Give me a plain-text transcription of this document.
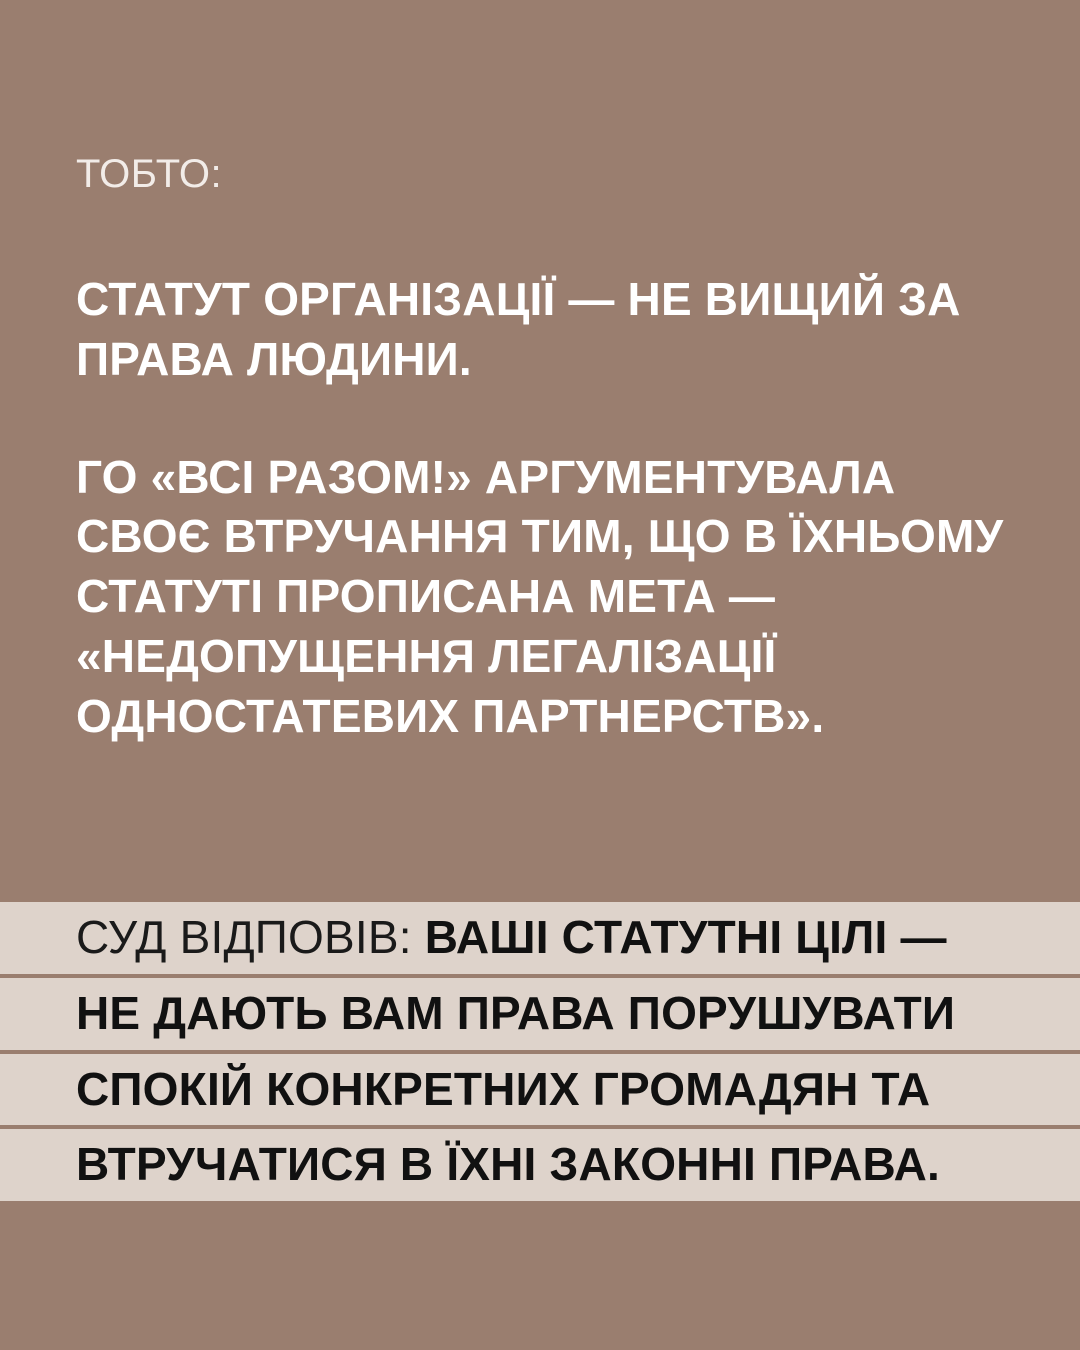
ТОБТО:

СТАТУТ ОРГАНІЗАЦІЇ — НЕ ВИЩИЙ ЗА ПРАВА ЛЮДИНИ.

ГО «ВСІ РАЗОМ!» АРГУМЕНТУВАЛА СВОЄ ВТРУЧАННЯ ТИМ, ЩО В ЇХНЬОМУ СТАТУТІ ПРОПИСАНА МЕТА — «НЕДОПУЩЕННЯ ЛЕГАЛІЗАЦІЇ ОДНОСТАТЕВИХ ПАРТНЕРСТВ».

СУД ВІДПОВІВ: ВАШІ СТАТУТНІ ЦІЛІ —
НЕ ДАЮТЬ ВАМ ПРАВА ПОРУШУВАТИ
СПОКІЙ КОНКРЕТНИХ ГРОМАДЯН ТА
ВТРУЧАТИСЯ В ЇХНІ ЗАКОННІ ПРАВА.
